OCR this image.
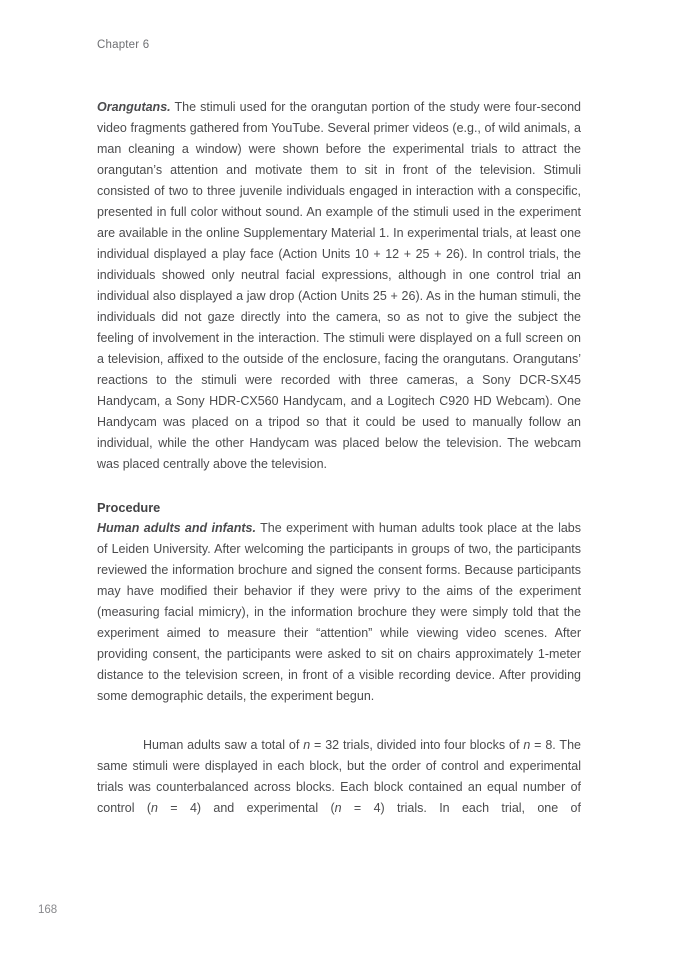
Chapter 6

Orangutans. The stimuli used for the orangutan portion of the study were four-second video fragments gathered from YouTube. Several primer videos (e.g., of wild animals, a man cleaning a window) were shown before the experimental trials to attract the orangutan’s attention and motivate them to sit in front of the television. Stimuli consisted of two to three juvenile individuals engaged in interaction with a conspecific, presented in full color without sound. An example of the stimuli used in the experiment are available in the online Supplementary Material 1. In experimental trials, at least one individual displayed a play face (Action Units 10 + 12 + 25 + 26). In control trials, the individuals showed only neutral facial expressions, although in one control trial an individual also displayed a jaw drop (Action Units 25 + 26). As in the human stimuli, the individuals did not gaze directly into the camera, so as not to give the subject the feeling of involvement in the interaction. The stimuli were displayed on a full screen on a television, affixed to the outside of the enclosure, facing the orangutans. Orangutans’ reactions to the stimuli were recorded with three cameras, a Sony DCR-SX45 Handycam, a Sony HDR-CX560 Handycam, and a Logitech C920 HD Webcam). One Handycam was placed on a tripod so that it could be used to manually follow an individual, while the other Handycam was placed below the television. The webcam was placed centrally above the television.

Procedure

Human adults and infants. The experiment with human adults took place at the labs of Leiden University. After welcoming the participants in groups of two, the participants reviewed the information brochure and signed the consent forms. Because participants may have modified their behavior if they were privy to the aims of the experiment (measuring facial mimicry), in the information brochure they were simply told that the experiment aimed to measure their “attention” while viewing video scenes. After providing consent, the participants were asked to sit on chairs approximately 1-meter distance to the television screen, in front of a visible recording device. After providing some demographic details, the experiment begun.

Human adults saw a total of n = 32 trials, divided into four blocks of n = 8. The same stimuli were displayed in each block, but the order of control and experimental trials was counterbalanced across blocks. Each block contained an equal number of control (n = 4) and experimental (n = 4) trials. In each trial, one of

168
